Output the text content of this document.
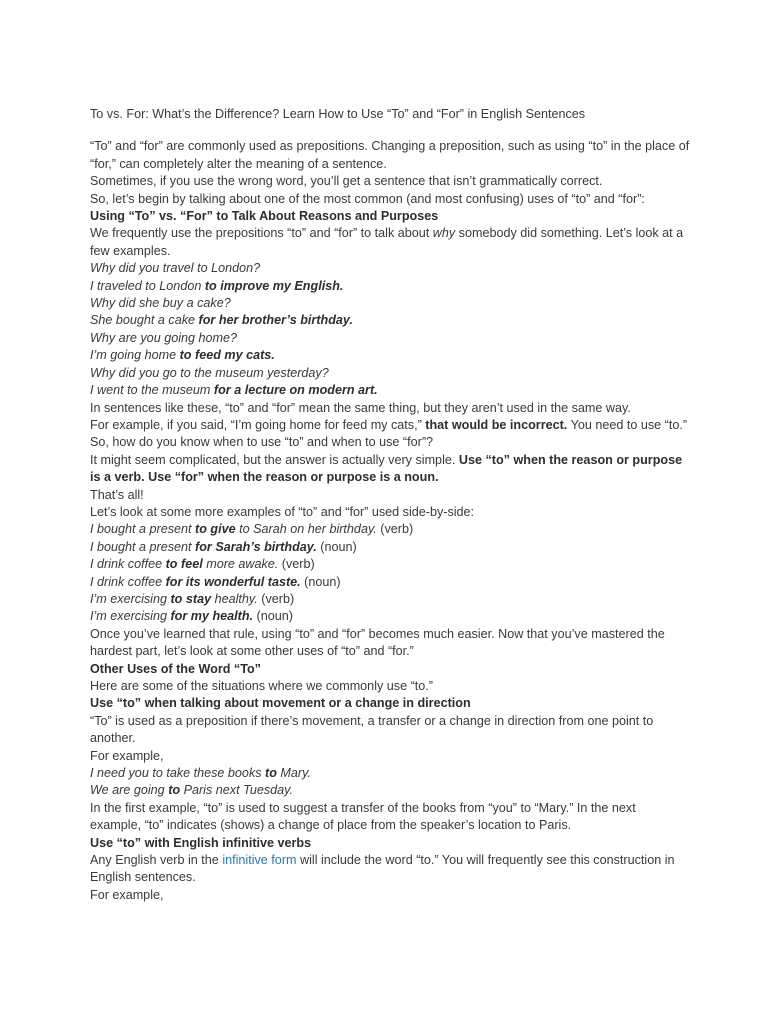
To vs. For: What’s the Difference? Learn How to Use “To” and “For” in English Sentences

“To” and “for” are commonly used as prepositions. Changing a preposition, such as using “to” in the place of “for,” can completely alter the meaning of a sentence.

Sometimes, if you use the wrong word, you’ll get a sentence that isn’t grammatically correct.

So, let’s begin by talking about one of the most common (and most confusing) uses of “to” and “for”:

Using “To” vs. “For” to Talk About Reasons and Purposes

We frequently use the prepositions “to” and “for” to talk about why somebody did something. Let’s look at a few examples.

Why did you travel to London?

I traveled to London to improve my English.

Why did she buy a cake?

She bought a cake for her brother’s birthday.

Why are you going home?

I’m going home to feed my cats.

Why did you go to the museum yesterday?

I went to the museum for a lecture on modern art.

In sentences like these, “to” and “for” mean the same thing, but they aren’t used in the same way.

For example, if you said, “I’m going home for feed my cats,” that would be incorrect. You need to use “to.”

So, how do you know when to use “to” and when to use “for”?

It might seem complicated, but the answer is actually very simple. Use “to” when the reason or purpose is a verb. Use “for” when the reason or purpose is a noun.

That’s all!

Let’s look at some more examples of “to” and “for” used side-by-side:

I bought a present to give to Sarah on her birthday. (verb)

I bought a present for Sarah’s birthday. (noun)

I drink coffee to feel more awake. (verb)

I drink coffee for its wonderful taste. (noun)

I’m exercising to stay healthy. (verb)

I’m exercising for my health. (noun)

Once you’ve learned that rule, using “to” and “for” becomes much easier. Now that you’ve mastered the hardest part, let’s look at some other uses of “to” and “for.”

Other Uses of the Word “To”

Here are some of the situations where we commonly use “to.”

Use “to” when talking about movement or a change in direction

“To” is used as a preposition if there’s movement, a transfer or a change in direction from one point to another.

For example,

I need you to take these books to Mary.

We are going to Paris next Tuesday.

In the first example, “to” is used to suggest a transfer of the books from “you” to “Mary.” In the next example, “to” indicates (shows) a change of place from the speaker’s location to Paris.

Use “to” with English infinitive verbs

Any English verb in the infinitive form will include the word “to.” You will frequently see this construction in English sentences.

For example,
